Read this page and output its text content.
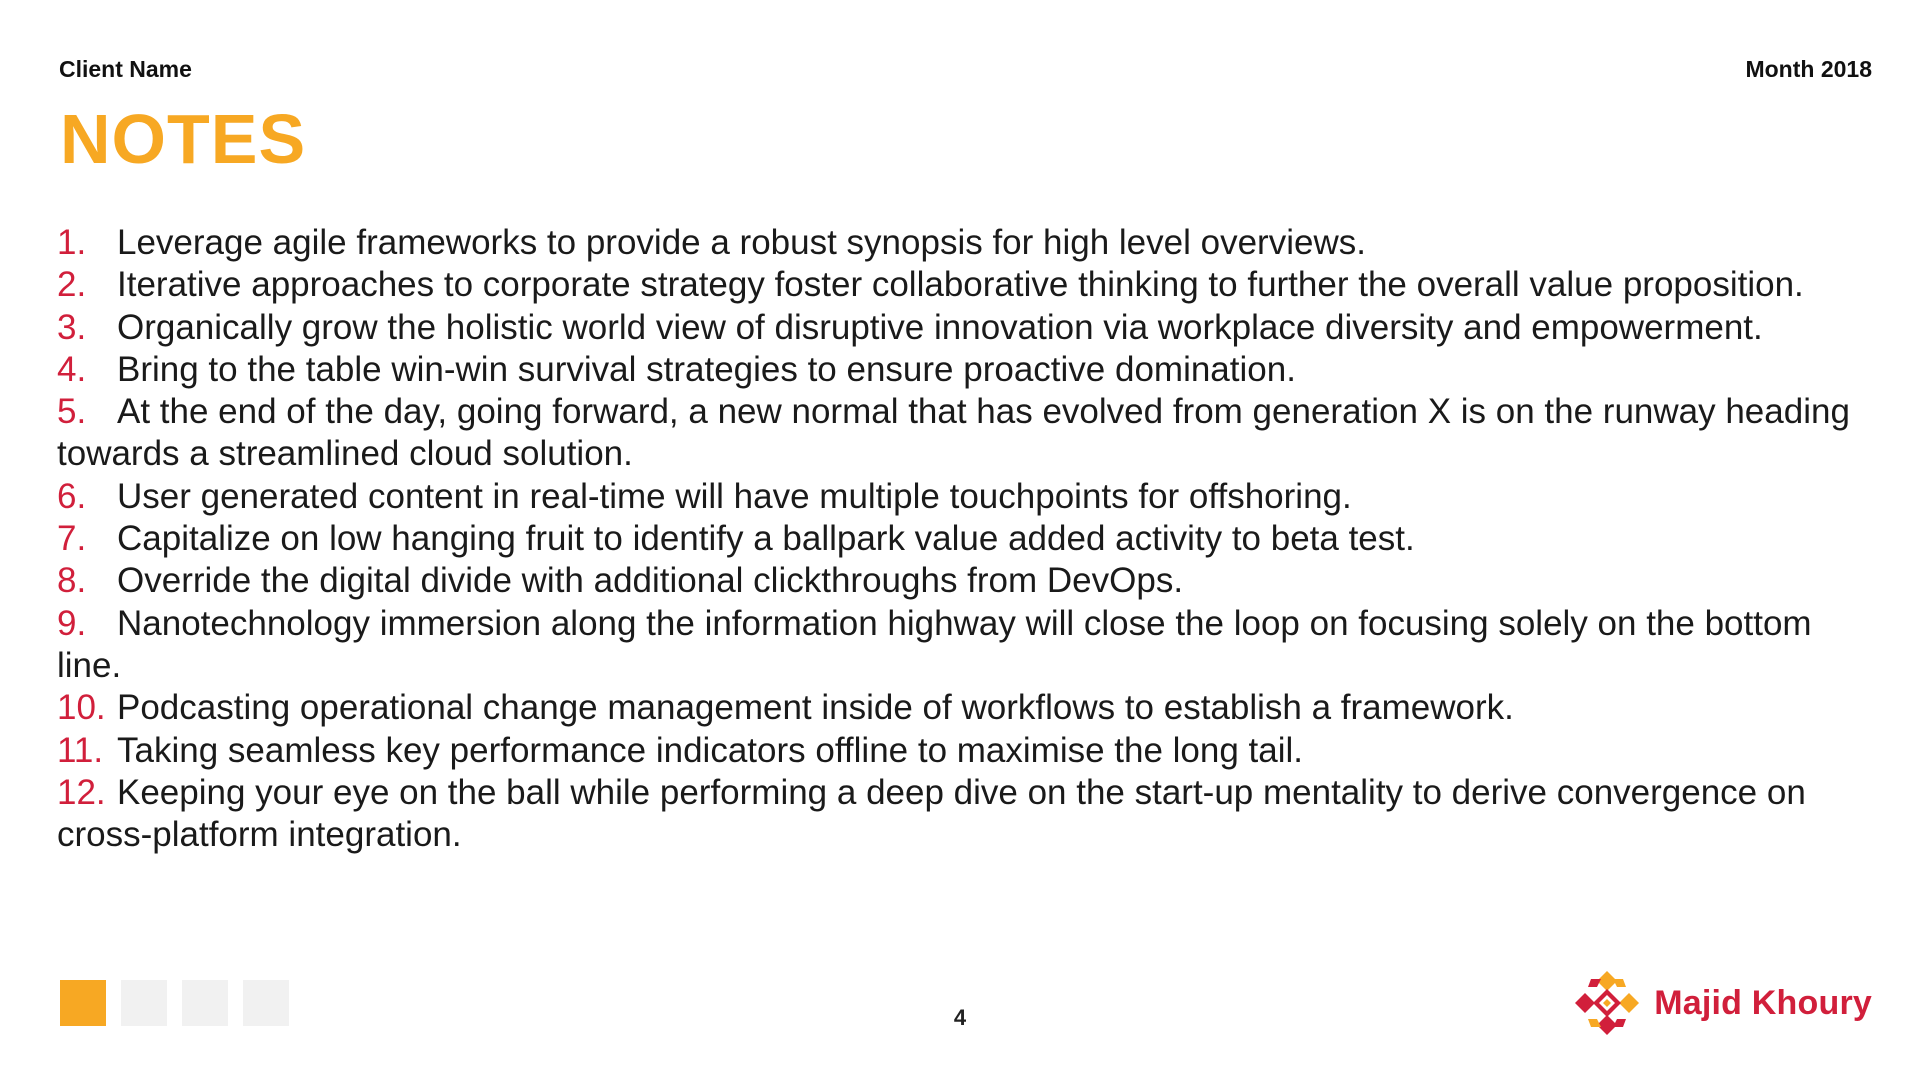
Client Name	Month 2018
NOTES
1. Leverage agile frameworks to provide a robust synopsis for high level overviews.
2. Iterative approaches to corporate strategy foster collaborative thinking to further the overall value proposition.
3. Organically grow the holistic world view of disruptive innovation via workplace diversity and empowerment.
4. Bring to the table win-win survival strategies to ensure proactive domination.
5. At the end of the day, going forward, a new normal that has evolved from generation X is on the runway heading towards a streamlined cloud solution.
6. User generated content in real-time will have multiple touchpoints for offshoring.
7. Capitalize on low hanging fruit to identify a ballpark value added activity to beta test.
8. Override the digital divide with additional clickthroughs from DevOps.
9. Nanotechnology immersion along the information highway will close the loop on focusing solely on the bottom line.
10. Podcasting operational change management inside of workflows to establish a framework.
11. Taking seamless key performance indicators offline to maximise the long tail.
12. Keeping your eye on the ball while performing a deep dive on the start-up mentality to derive convergence on cross-platform integration.
4	Majid Khoury
